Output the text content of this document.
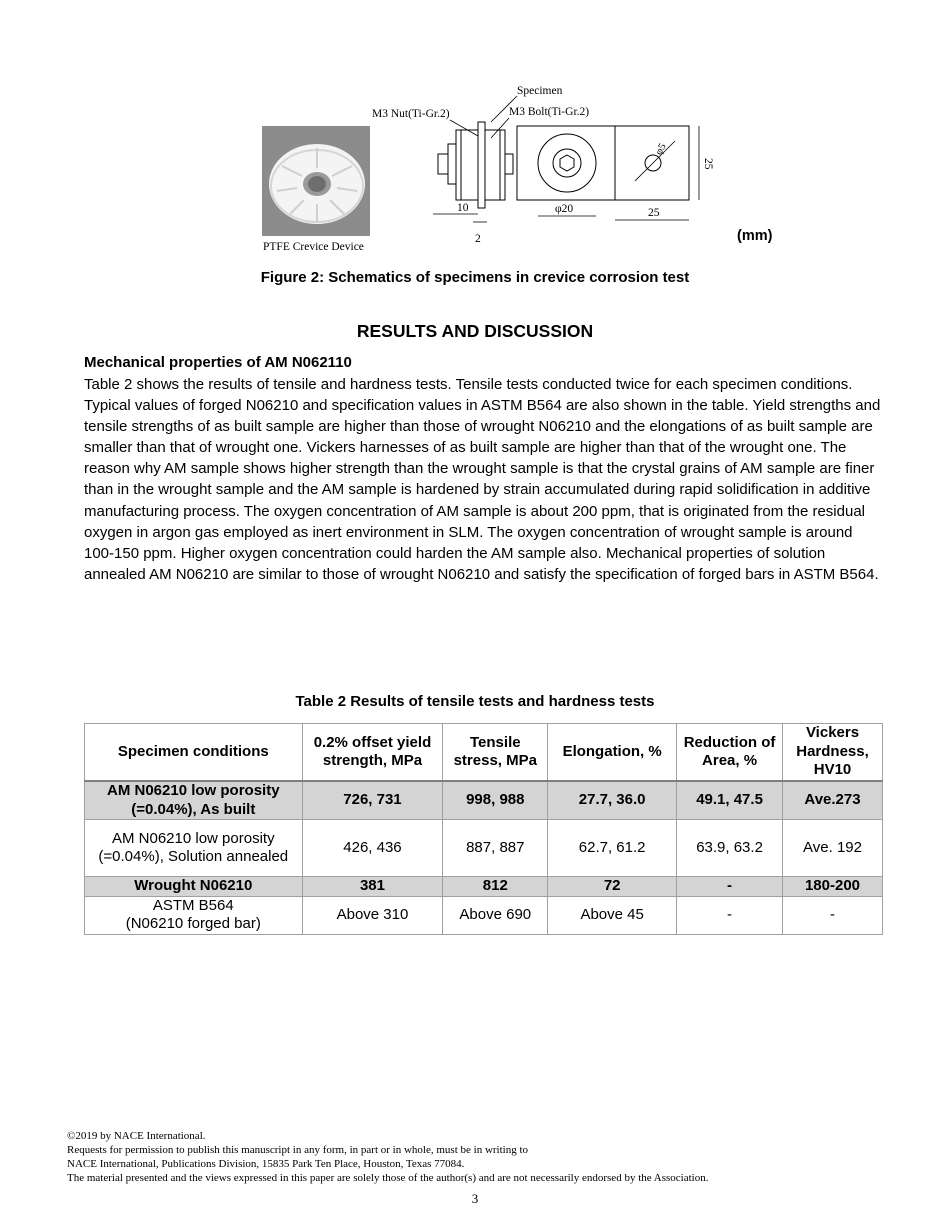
PTFE Crevice Device
Specimen
M3 Nut(Ti-Gr.2)	M3 Bolt(Ti-Gr.2)
φ5
10
2
φ20	25
25
(mm)
Figure 2: Schematics of specimens in crevice corrosion test
RESULTS AND DISCUSSION
Mechanical properties of AM N062110

Table 2 shows the results of tensile and hardness tests. Tensile tests conducted twice for each specimen conditions. Typical values of forged N06210 and specification values in ASTM B564 are also shown in the table. Yield strengths and tensile strengths of as built sample are higher than those of wrought N06210 and the elongations of as built sample are smaller than that of wrought one. Vickers harnesses of as built sample are higher than that of the wrought one. The reason why AM sample shows higher strength than the wrought sample is that the crystal grains of AM sample are finer than in the wrought sample and the AM sample is hardened by strain accumulated during rapid solidification in additive manufacturing process. The oxygen concentration of AM sample is about 200 ppm, that is originated from the residual oxygen in argon gas employed as inert environment in SLM. The oxygen concentration of wrought sample is around 100-150 ppm. Higher oxygen concentration could harden the AM sample also. Mechanical properties of solution annealed AM N06210 are similar to those of wrought N06210 and satisfy the specification of forged bars in ASTM B564.

Table 2 Results of tensile tests and hardness tests
Specimen conditions	0.2% offset yield strength, MPa	Tensile stress, MPa	Elongation, %	Reduction of Area, %	Vickers Hardness, HV10
AM N06210 low porosity (=0.04%), As built	726, 731	998, 988	27.7, 36.0	49.1, 47.5	Ave.273
AM N06210 low porosity (=0.04%), Solution annealed	426, 436	887, 887	62.7, 61.2	63.9, 63.2	Ave. 192
Wrought N06210	381	812	72	-	180-200

ASTM B564
(N06210 forged bar)	Above 310	Above 690	Above 45	-	-
©2019 by NACE International.
Requests for permission to publish this manuscript in any form, in part or in whole, must be in writing to
NACE International, Publications Division, 15835 Park Ten Place, Houston, Texas 77084.
The material presented and the views expressed in this paper are solely those of the author(s) and are not necessarily endorsed by the Association.
3
